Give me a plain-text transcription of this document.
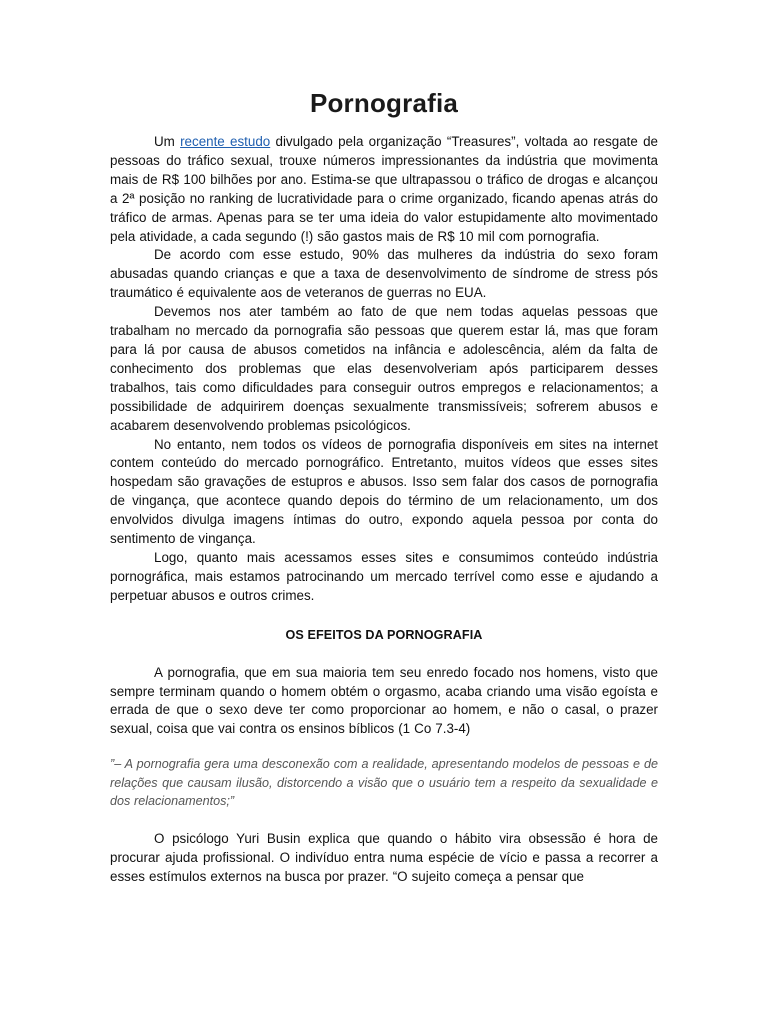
Pornografia

Um recente estudo divulgado pela organização “Treasures”, voltada ao resgate de pessoas do tráfico sexual, trouxe números impressionantes da indústria que movimenta mais de R$ 100 bilhões por ano. Estima-se que ultrapassou o tráfico de drogas e alcançou a 2ª posição no ranking de lucratividade para o crime organizado, ficando apenas atrás do tráfico de armas. Apenas para se ter uma ideia do valor estupidamente alto movimentado pela atividade, a cada segundo (!) são gastos mais de R$ 10 mil com pornografia.

De acordo com esse estudo, 90% das mulheres da indústria do sexo foram abusadas quando crianças e que a taxa de desenvolvimento de síndrome de stress pós traumático é equivalente aos de veteranos de guerras no EUA.

Devemos nos ater também ao fato de que nem todas aquelas pessoas que trabalham no mercado da pornografia são pessoas que querem estar lá, mas que foram para lá por causa de abusos cometidos na infância e adolescência, além da falta de conhecimento dos problemas que elas desenvolveriam após participarem desses trabalhos, tais como dificuldades para conseguir outros empregos e relacionamentos; a possibilidade de adquirirem doenças sexualmente transmissíveis; sofrerem abusos e acabarem desenvolvendo problemas psicológicos.

No entanto, nem todos os vídeos de pornografia disponíveis em sites na internet contem conteúdo do mercado pornográfico. Entretanto, muitos vídeos que esses sites hospedam são gravações de estupros e abusos. Isso sem falar dos casos de pornografia de vingança, que acontece quando depois do término de um relacionamento, um dos envolvidos divulga imagens íntimas do outro, expondo aquela pessoa por conta do sentimento de vingança.

Logo, quanto mais acessamos esses sites e consumimos conteúdo indústria pornográfica, mais estamos patrocinando um mercado terrível como esse e ajudando a perpetuar abusos e outros crimes.

OS EFEITOS DA PORNOGRAFIA

A pornografia, que em sua maioria tem seu enredo focado nos homens, visto que sempre terminam quando o homem obtém o orgasmo, acaba criando uma visão egoísta e errada de que o sexo deve ter como proporcionar ao homem, e não o casal, o prazer sexual, coisa que vai contra os ensinos bíblicos (1 Co 7.3-4)

”– A pornografia gera uma desconexão com a realidade, apresentando modelos de pessoas e de relações que causam ilusão, distorcendo a visão que o usuário tem a respeito da sexualidade e dos relacionamentos;”

O psicólogo Yuri Busin explica que quando o hábito vira obsessão é hora de procurar ajuda profissional. O indivíduo entra numa espécie de vício e passa a recorrer a esses estímulos externos na busca por prazer. “O sujeito começa a pensar que
